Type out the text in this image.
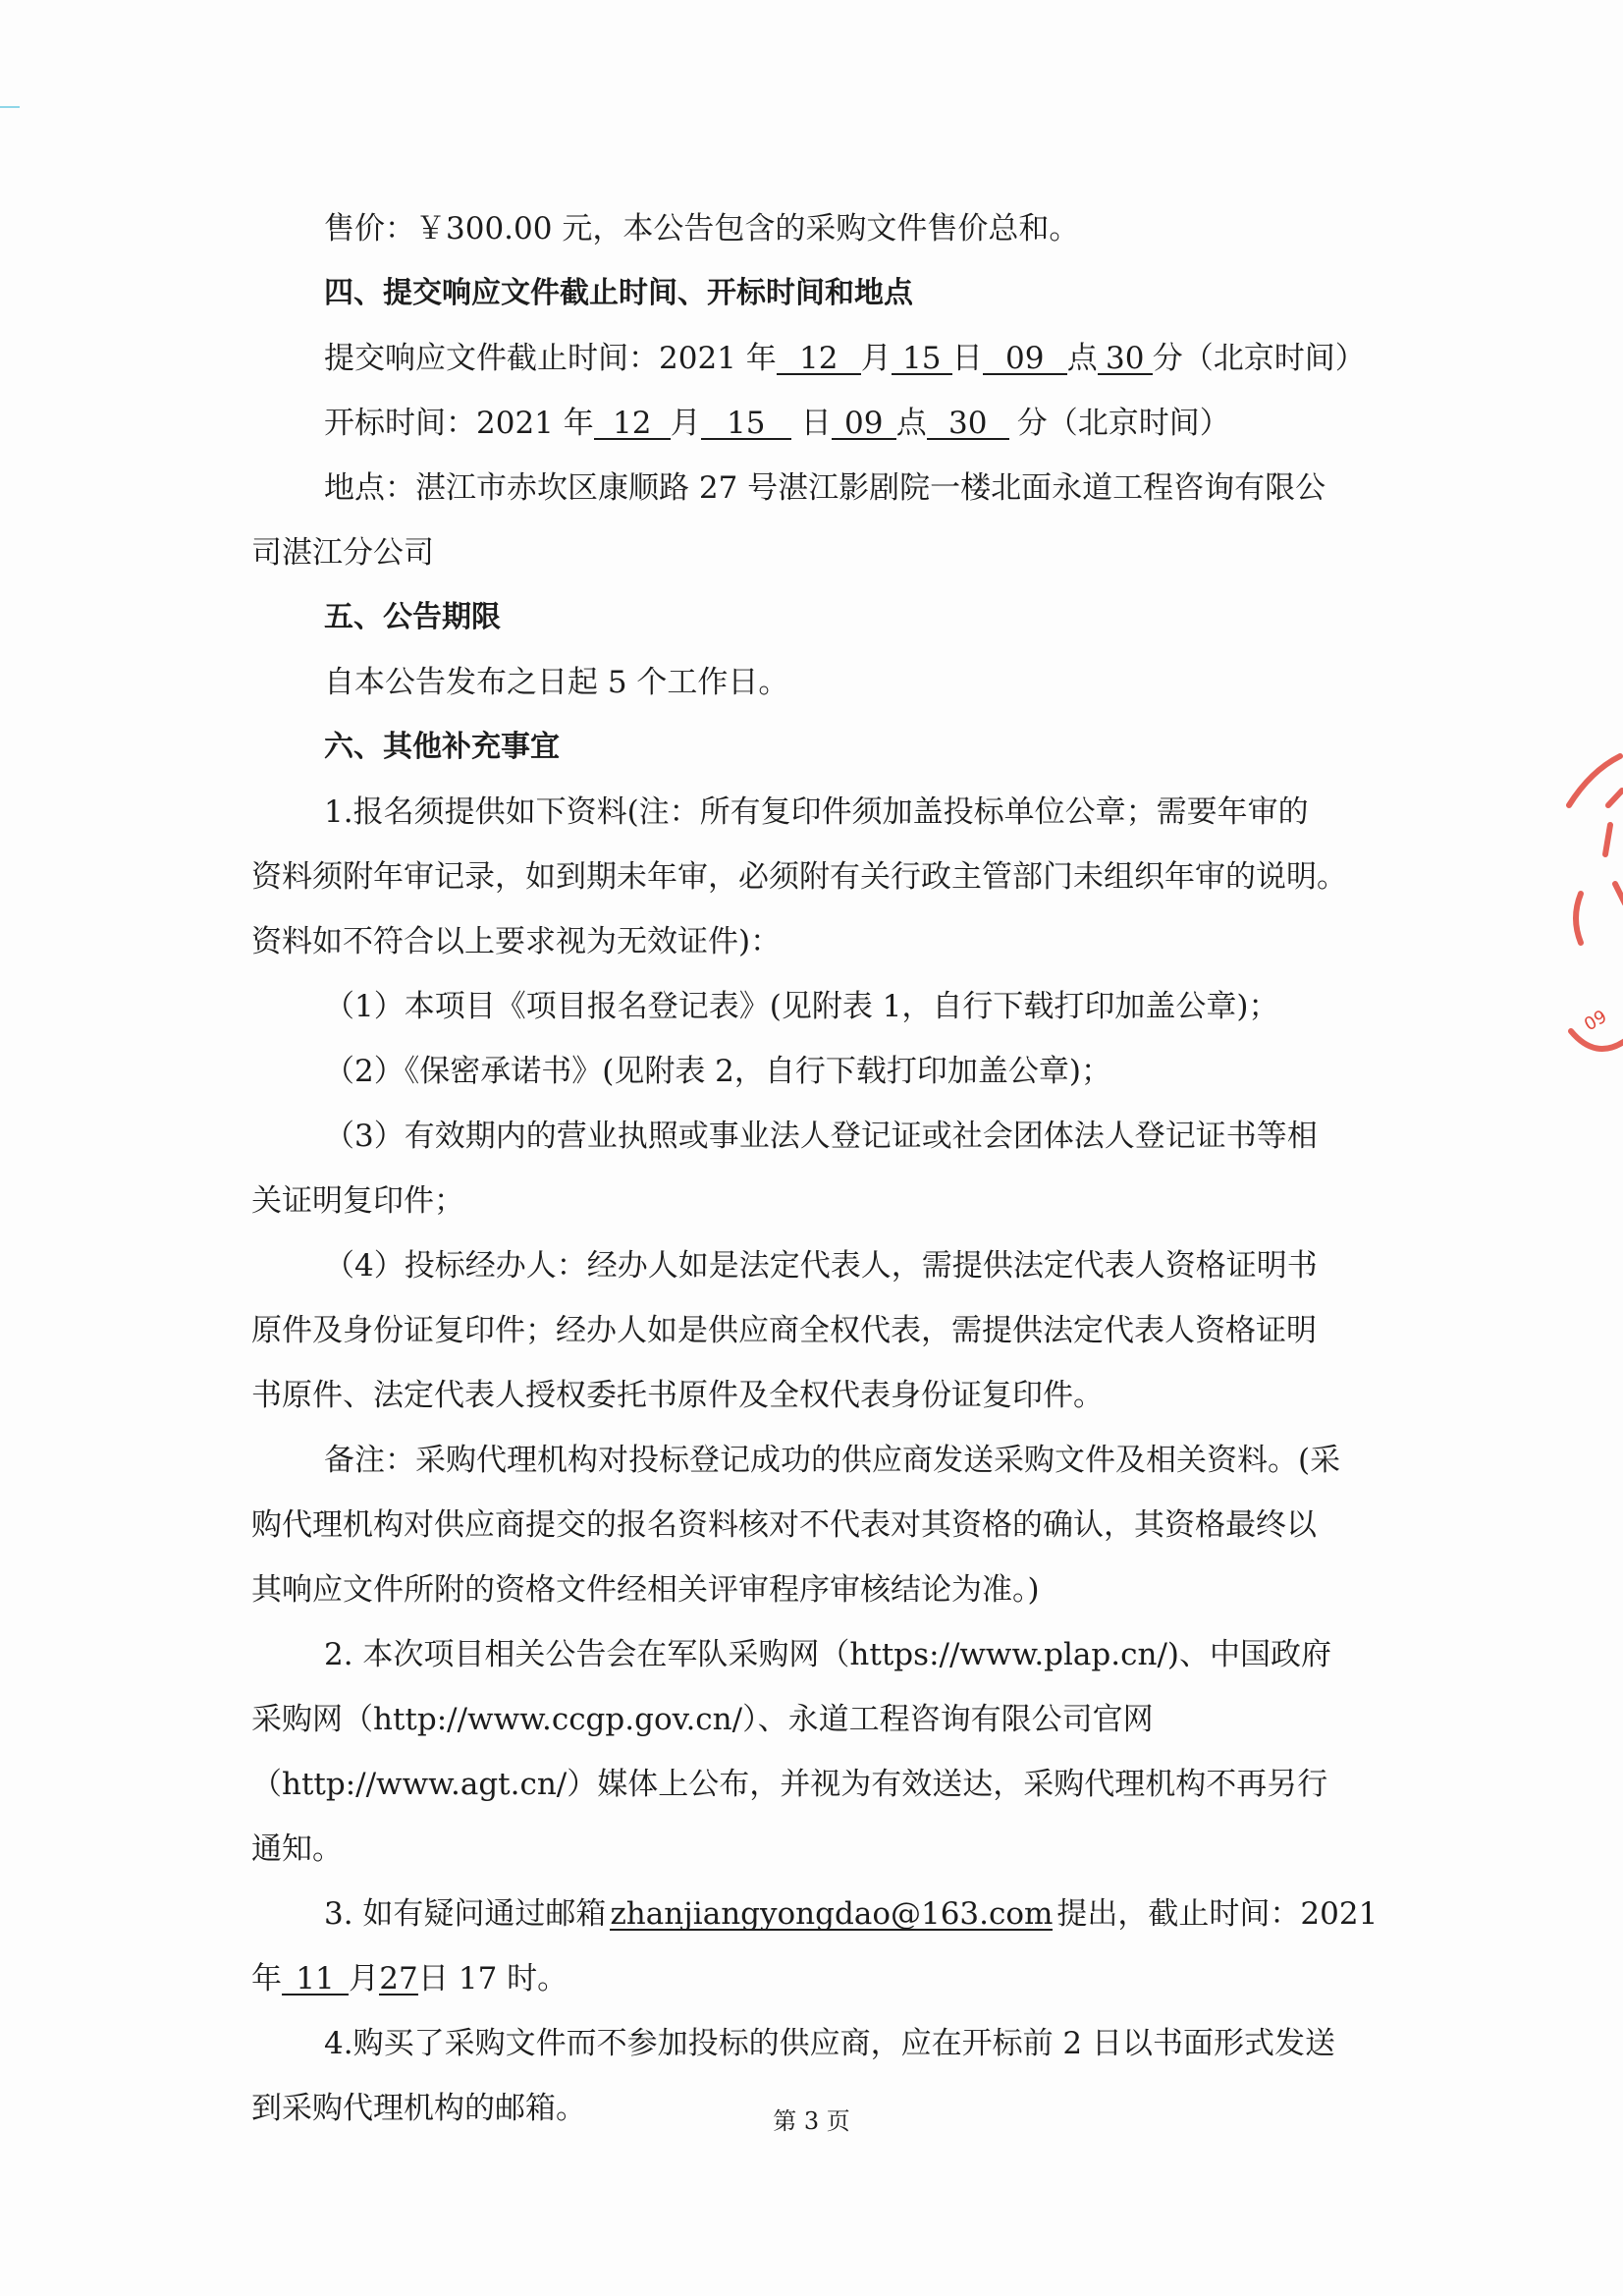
售价：￥300.00 元，本公告包含的采购文件售价总和。
四、提交响应文件截止时间、开标时间和地点
提交响应文件截止时间：2021 年 12 月 15 日 09 点 30 分（北京时间）
开标时间：2021 年 12 月 15 日 09 点 30 分（北京时间）
地点：湛江市赤坎区康顺路 27 号湛江影剧院一楼北面永道工程咨询有限公
司湛江分公司
五、公告期限
自本公告发布之日起 5 个工作日。
六、其他补充事宜
1.报名须提供如下资料(注：所有复印件须加盖投标单位公章；需要年审的
资料须附年审记录，如到期未年审，必须附有关行政主管部门未组织年审的说明。
资料如不符合以上要求视为无效证件)：
（1）本项目《项目报名登记表》(见附表 1，自行下载打印加盖公章)；
（2）《保密承诺书》(见附表 2，自行下载打印加盖公章)；
（3）有效期内的营业执照或事业法人登记证或社会团体法人登记证书等相
关证明复印件；
（4）投标经办人：经办人如是法定代表人，需提供法定代表人资格证明书
原件及身份证复印件；经办人如是供应商全权代表，需提供法定代表人资格证明
书原件、法定代表人授权委托书原件及全权代表身份证复印件。
备注：采购代理机构对投标登记成功的供应商发送采购文件及相关资料。(采
购代理机构对供应商提交的报名资料核对不代表对其资格的确认，其资格最终以
其响应文件所附的资格文件经相关评审程序审核结论为准。)
2. 本次项目相关公告会在军队采购网（https://www.plap.cn/)、中国政府
采购网（http://www.ccgp.gov.cn/）、永道工程咨询有限公司官网
（http://www.agt.cn/）媒体上公布，并视为有效送达，采购代理机构不再另行
通知。
3. 如有疑问通过邮箱 zhanjiangyongdao@163.com 提出，截止时间：2021
年 11 月27日 17 时。
4.购买了采购文件而不参加投标的供应商，应在开标前 2 日以书面形式发送
到采购代理机构的邮箱。	第 3 页
09
